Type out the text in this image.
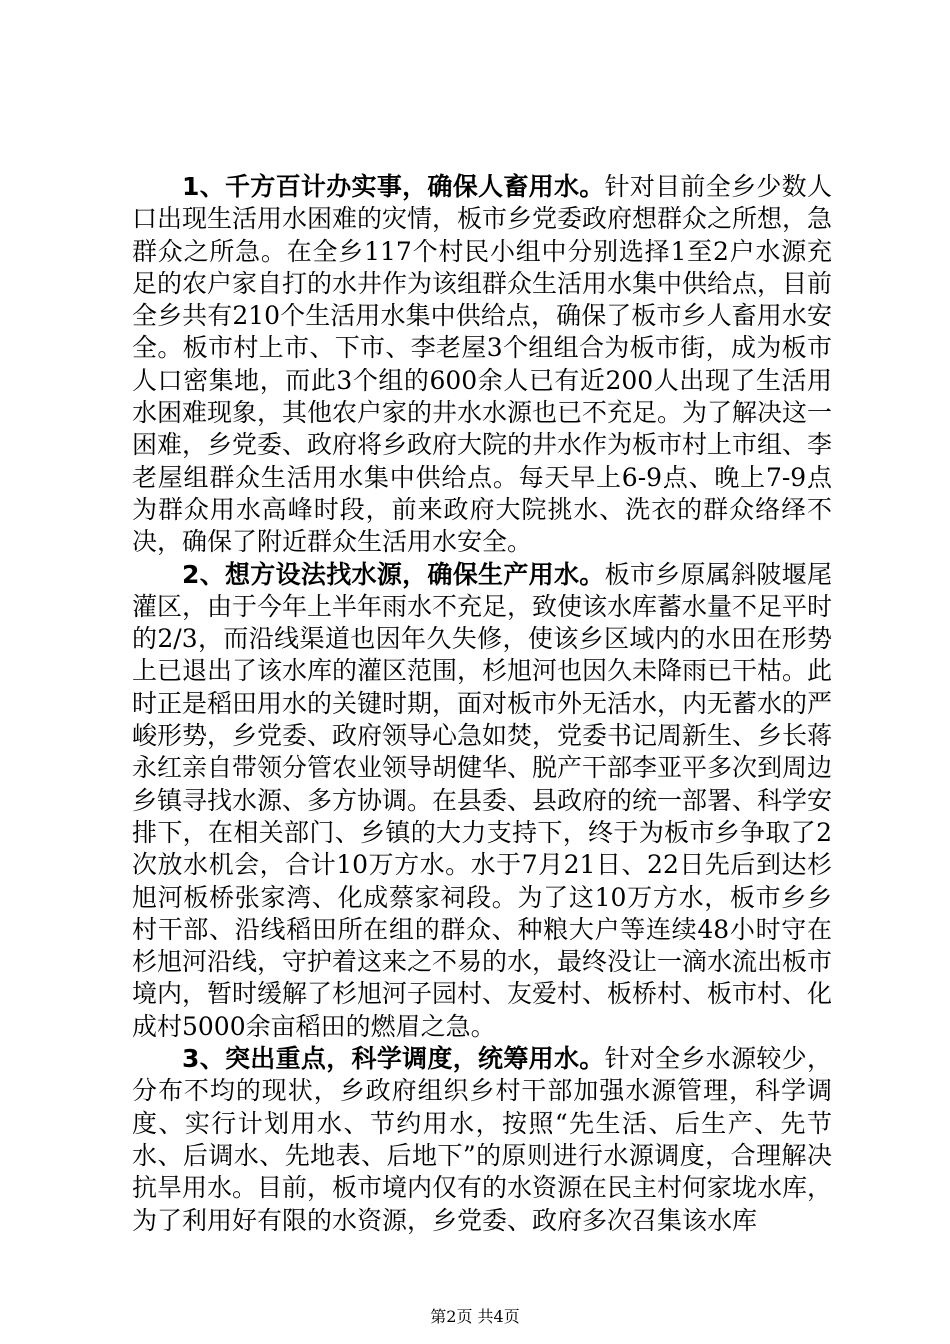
1、千方百计办实事，确保人畜用水。针对目前全乡少数人口出现生活用水困难的灾情，板市乡党委政府想群众之所想，急群众之所急。在全乡117个村民小组中分别选择1至2户水源充足的农户家自打的水井作为该组群众生活用水集中供给点，目前全乡共有210个生活用水集中供给点，确保了板市乡人畜用水安全。板市村上市、下市、李老屋3个组组合为板市街，成为板市人口密集地，而此3个组的600余人已有近200人出现了生活用水困难现象，其他农户家的井水水源也已不充足。为了解决这一困难，乡党委、政府将乡政府大院的井水作为板市村上市组、李老屋组群众生活用水集中供给点。每天早上6-9点、晚上7-9点为群众用水高峰时段，前来政府大院挑水、洗衣的群众络绎不决，确保了附近群众生活用水安全。

2、想方设法找水源，确保生产用水。板市乡原属斜陂堰尾灌区，由于今年上半年雨水不充足，致使该水库蓄水量不足平时的2/3，而沿线渠道也因年久失修，使该乡区域内的水田在形势上已退出了该水库的灌区范围，杉旭河也因久未降雨已干枯。此时正是稻田用水的关键时期，面对板市外无活水，内无蓄水的严峻形势，乡党委、政府领导心急如焚，党委书记周新生、乡长蒋永红亲自带领分管农业领导胡健华、脱产干部李亚平多次到周边乡镇寻找水源、多方协调。在县委、县政府的统一部署、科学安排下，在相关部门、乡镇的大力支持下，终于为板市乡争取了2次放水机会，合计10万方水。水于7月21日、22日先后到达杉旭河板桥张家湾、化成蔡家祠段。为了这10万方水，板市乡乡村干部、沿线稻田所在组的群众、种粮大户等连续48小时守在杉旭河沿线，守护着这来之不易的水，最终没让一滴水流出板市境内，暂时缓解了杉旭河子园村、友爱村、板桥村、板市村、化成村5000余亩稻田的燃眉之急。

3、突出重点，科学调度，统筹用水。针对全乡水源较少，分布不均的现状，乡政府组织乡村干部加强水源管理，科学调度、实行计划用水、节约用水，按照“先生活、后生产、先节水、后调水、先地表、后地下”的原则进行水源调度，合理解决抗旱用水。目前，板市境内仅有的水资源在民主村何家垅水库，为了利用好有限的水资源，乡党委、政府多次召集该水库

第2页 共4页
